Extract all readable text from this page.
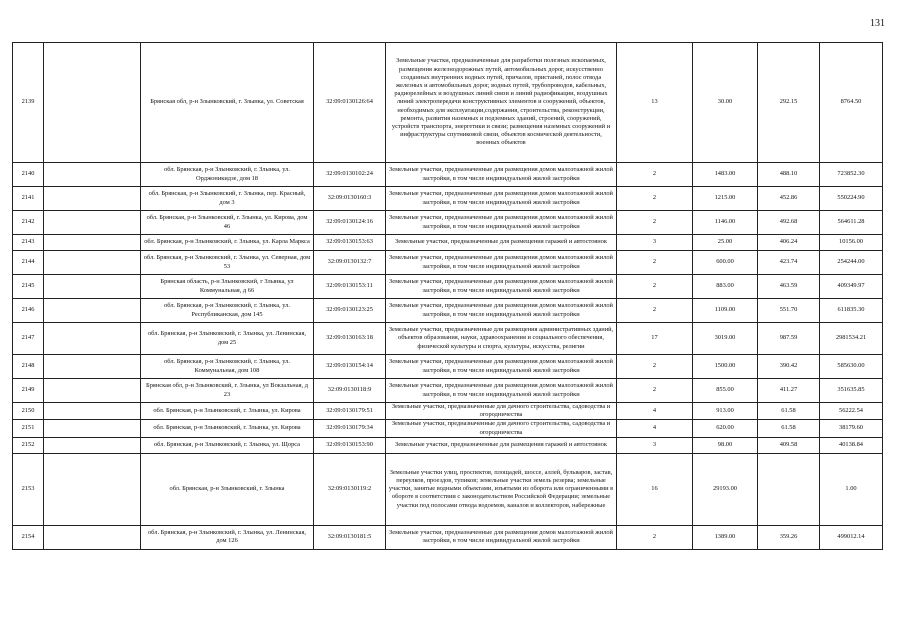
131
2139		Брянская обл, р-н Злынковский, г. Злынка, ул. Советская	32:09:0130126:64	Земельные участки, предназначенные для разработки полезных ископаемых, размещения железнодорожных путей, автомобильных дорог, искусственно созданных внутренних водных путей, причалов, пристаней, полос отвода железных и автомобильных дорог, водных путей, трубопроводов, кабельных, радиорелейных и воздушных линий связи и линий радиофикации, воздушных линий электропередачи конструктивных элементов и сооружений, объектов, необходимых для эксплуатации,содержания, строительства, реконструкции, ремонта, развития наземных и подземных зданий, строений, сооружений, устройств транспорта, энергетики и связи; размещения наземных сооружений и инфраструктуры спутниковой связи, объектов космической деятельности, военных объектов	13	30.00	292.15	8764.50
2140		обл. Брянская, р-н Злынковский, г. Злынка, ул. Орджоникидзе, дом 18	32:09:0130102:24	Земельные участки, предназначенные для размещения домов малоэтажной жилой застройки, в том числе индивидуальной жилой застройки	2	1483.00	488.10	723852.30
2141		обл. Брянская, р-н Злынковский, г. Злынка, пер. Красный, дом 3	32:09:0130160:3	Земельные участки, предназначенные для размещения домов малоэтажной жилой застройки, в том числе индивидуальной жилой застройки	2	1215.00	452.86	550224.90
2142		обл. Брянская, р-н Злынковский, г. Злынка, ул. Кирова, дом 46	32:09:0130124:16	Земельные участки, предназначенные для размещения домов малоэтажной жилой застройки, в том числе индивидуальной жилой застройки	2	1146.00	492.68	564611.28
2143		обл. Брянская, р-н Злынковский, г. Злынка, ул. Карла Маркса	32:09:0130153:63	Земельные участки, предназначенные для размещения гаражей и автостоянок	3	25.00	406.24	10156.00
2144		обл. Брянская, р-н Злынковский, г. Злынка, ул. Северная, дом 53	32:09:0130132:7	Земельные участки, предназначенные для размещения домов малоэтажной жилой застройки, в том числе индивидуальной жилой застройки	2	600.00	423.74	254244.00
2145		Брянская область, р-н Злынковский, г Злынка, ул Коммунальная, д 66	32:09:0130153:11	Земельные участки, предназначенные для размещения домов малоэтажной жилой застройки, в том числе индивидуальной жилой застройки	2	883.00	463.59	409349.97
2146		обл. Брянская, р-н Злынковский, г. Злынка, ул. Республиканская, дом 145	32:09:0130123:25	Земельные участки, предназначенные для размещения домов малоэтажной жилой застройки, в том числе индивидуальной жилой застройки	2	1109.00	551.70	611835.30
2147		обл. Брянская, р-н Злынковский, г. Злынка, ул. Ленинская, дом 25	32:09:0130163:18	Земельные участки, предназначенные для размещения административных зданий, объектов образования, науки, здравоохранения и социального обеспечения, физической культуры и спорта, культуры, искусства, религии	17	3019.00	987.59	2981534.21
2148		обл. Брянская, р-н Злынковский, г. Злынка, ул. Коммунальная, дом 108	32:09:0130154:14	Земельные участки, предназначенные для размещения домов малоэтажной жилой застройки, в том числе индивидуальной жилой застройки	2	1500.00	390.42	585630.00
2149		Брянская обл, р-н Злынковский, г. Злынка, ул Вокзальная, д 23	32:09:0130118:9	Земельные участки, предназначенные для размещения домов малоэтажной жилой застройки, в том числе индивидуальной жилой застройки	2	855.00	411.27	351635.85
2150		обл. Брянская, р-н Злынковский, г. Злынка, ул. Кирова	32:09:0130179:51	Земельные участки, предназначенные для дачного строительства, садоводства и огородничества	4	913.00	61.58	56222.54
2151		обл. Брянская, р-н Злынковский, г. Злынка, ул. Кирова	32:09:0130179:34	Земельные участки, предназначенные для дачного строительства, садоводства и огородничества	4	620.00	61.58	38179.60
2152		обл. Брянская, р-н Злынковский, г. Злынка, ул. Щорса	32:09:0130153:90	Земельные участки, предназначенные для размещения гаражей и автостоянок	3	98.00	409.58	40138.84
2153		обл. Брянская, р-н Злынковский, г. Злынка	32:09:0130119:2	Земельные участки улиц, проспектов, площадей, шоссе, аллей, бульваров, застав, переулков, проездов, тупиков; земельные участки земель резерва; земельные участки, занятые водными объектами, изъятыми из оборота или ограниченными в обороте в соответствии с законодательством Российской Федерации; земельные участки под полосами отвода водоемов, каналов и коллекторов, набережные	16	29193.00		1.00
2154		обл. Брянская, р-н Злынковский, г. Злынка, ул. Ленинская, дом 126	32:09:0130181:5	Земельные участки, предназначенные для размещения домов малоэтажной жилой застройки, в том числе индивидуальной жилой застройки	2	1389.00	359.26	499012.14
